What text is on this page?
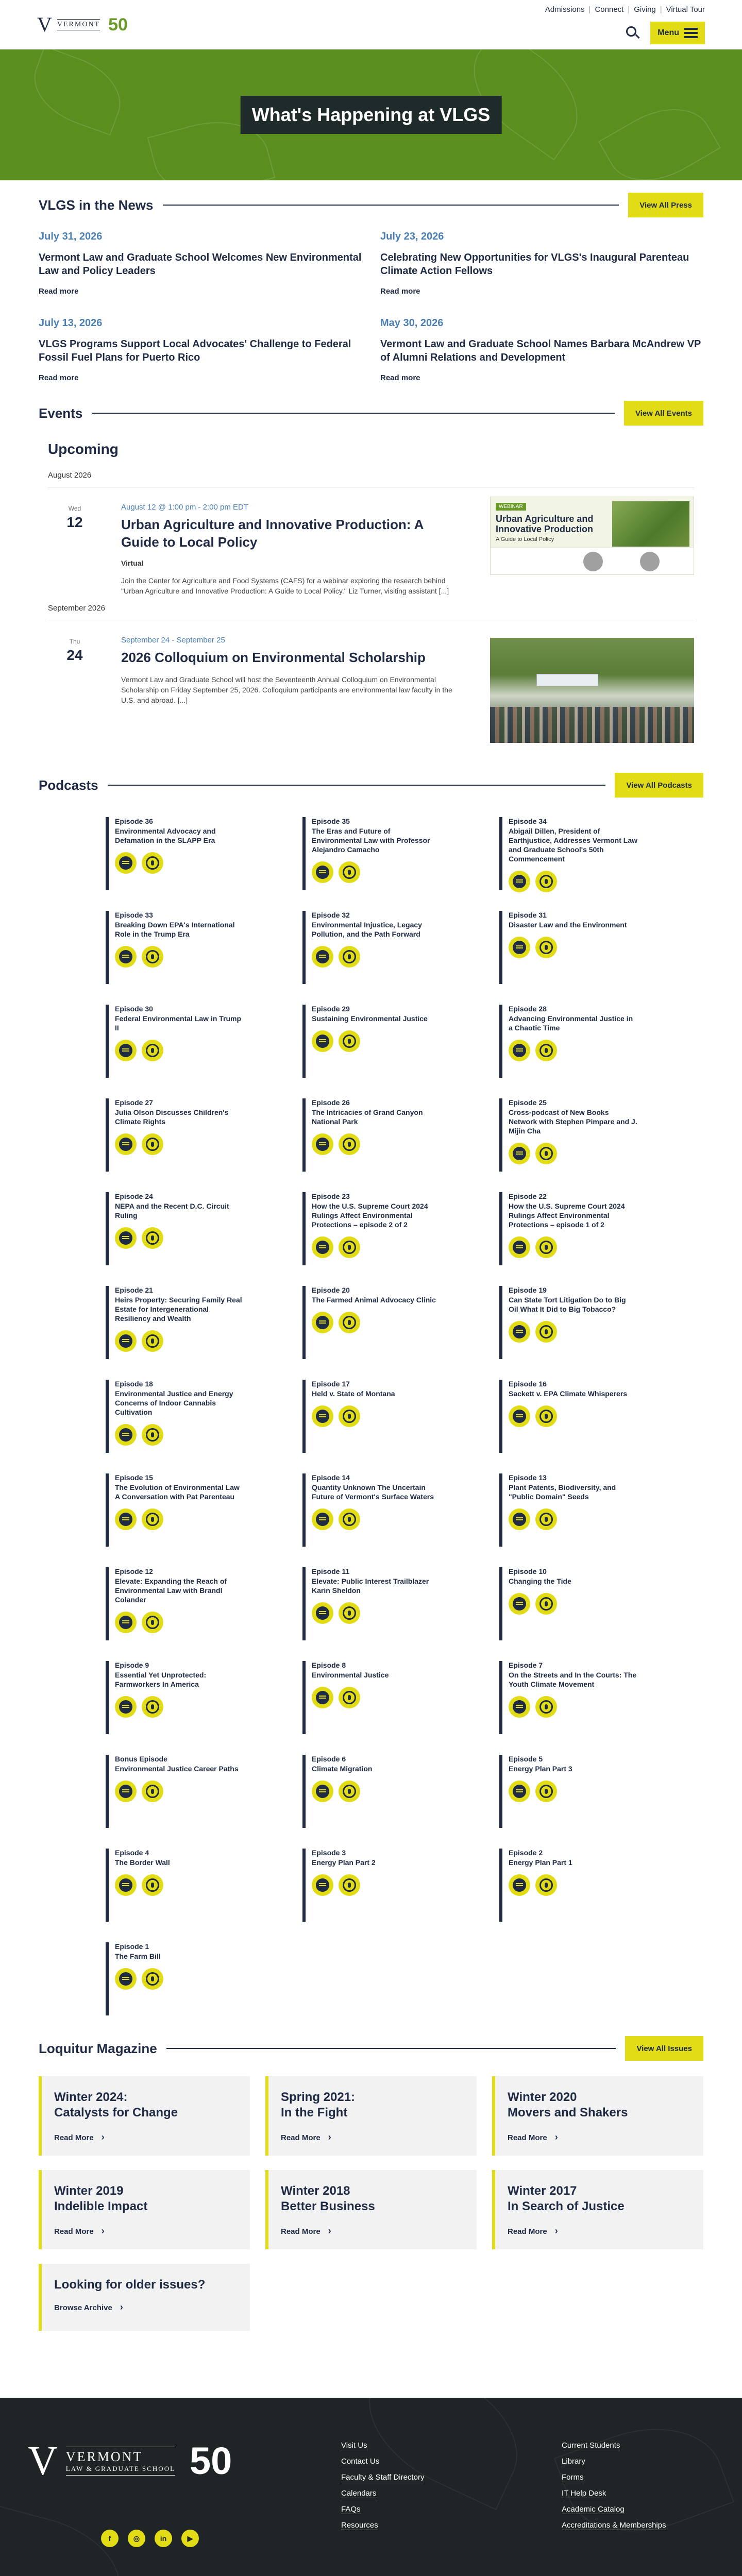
V VERMONT 50
Admissions | Connect | Giving | Virtual Tour
Menu
What's Happening at VLGS
VLGS in the News	View All Press
July 31, 2026
Vermont Law and Graduate School Welcomes New Environmental Law and Policy Leaders
Read more
July 23, 2026
Celebrating New Opportunities for VLGS's Inaugural Parenteau Climate Action Fellows
Read more
July 13, 2026
VLGS Programs Support Local Advocates' Challenge to Federal Fossil Fuel Plans for Puerto Rico
Read more
May 30, 2026
Vermont Law and Graduate School Names Barbara McAndrew VP of Alumni Relations and Development
Read more
Events	View All Events
Upcoming
August 2026
Wed
12
August 12 @ 1:00 pm - 2:00 pm EDT
Urban Agriculture and Innovative Production: A Guide to Local Policy
Virtual
Join the Center for Agriculture and Food Systems (CAFS) for a webinar exploring the research behind "Urban Agriculture and Innovative Production: A Guide to Local Policy." Liz Turner, visiting assistant [...]
WEBINAR
Urban Agriculture and Innovative Production
A Guide to Local Policy
September 2026
Thu
24
September 24 - September 25
2026 Colloquium on Environmental Scholarship
Vermont Law and Graduate School will host the Seventeenth Annual Colloquium on Environmental Scholarship on Friday September 25, 2026. Colloquium participants are environmental law faculty in the U.S. and abroad. [...]
Podcasts	View All Podcasts
Episode 36
Environmental Advocacy and Defamation in the SLAPP Era
Episode 35
The Eras and Future of Environmental Law with Professor Alejandro Camacho
Episode 34
Abigail Dillen, President of Earthjustice, Addresses Vermont Law and Graduate School's 50th Commencement
Episode 33
Breaking Down EPA's International Role in the Trump Era
Episode 32
Environmental Injustice, Legacy Pollution, and the Path Forward
Episode 31
Disaster Law and the Environment
Episode 30
Federal Environmental Law in Trump II
Episode 29
Sustaining Environmental Justice
Episode 28
Advancing Environmental Justice in a Chaotic Time
Episode 27
Julia Olson Discusses Children's Climate Rights
Episode 26
The Intricacies of Grand Canyon National Park
Episode 25
Cross-podcast of New Books Network with Stephen Pimpare and J. Mijin Cha
Episode 24
NEPA and the Recent D.C. Circuit Ruling
Episode 23
How the U.S. Supreme Court 2024 Rulings Affect Environmental Protections – episode 2 of 2
Episode 22
How the U.S. Supreme Court 2024 Rulings Affect Environmental Protections – episode 1 of 2
Episode 21
Heirs Property: Securing Family Real Estate for Intergenerational Resiliency and Wealth
Episode 20
The Farmed Animal Advocacy Clinic
Episode 19
Can State Tort Litigation Do to Big Oil What It Did to Big Tobacco?
Episode 18
Environmental Justice and Energy Concerns of Indoor Cannabis Cultivation
Episode 17
Held v. State of Montana
Episode 16
Sackett v. EPA Climate Whisperers
Episode 15
The Evolution of Environmental Law A Conversation with Pat Parenteau
Episode 14
Quantity Unknown The Uncertain Future of Vermont's Surface Waters
Episode 13
Plant Patents, Biodiversity, and "Public Domain" Seeds
Episode 12
Elevate: Expanding the Reach of Environmental Law with Brandl Colander
Episode 11
Elevate: Public Interest Trailblazer Karin Sheldon
Episode 10
Changing the Tide
Episode 9
Essential Yet Unprotected: Farmworkers In America
Episode 8
Environmental Justice
Episode 7
On the Streets and In the Courts: The Youth Climate Movement
Bonus Episode
Environmental Justice Career Paths
Episode 6
Climate Migration
Episode 5
Energy Plan Part 3
Episode 4
The Border Wall
Episode 3
Energy Plan Part 2
Episode 2
Energy Plan Part 1
Episode 1
The Farm Bill
Loquitur Magazine	View All Issues
Winter 2024:
Catalysts for Change
Read More ›
Spring 2021:
In the Fight
Read More ›
Winter 2020
Movers and Shakers
Read More ›
Winter 2019
Indelible Impact
Read More ›
Winter 2018
Better Business
Read More ›
Winter 2017
In Search of Justice
Read More ›
Looking for older issues?
Browse Archive ›
V VERMONT
LAW & GRADUATE SCHOOL 50
f	◎	in	▶
Visit Us
Contact Us
Faculty & Staff Directory
Calendars
FAQs
Resources
Current Students
Library
Forms
IT Help Desk
Academic Catalog
Accreditations & Memberships
